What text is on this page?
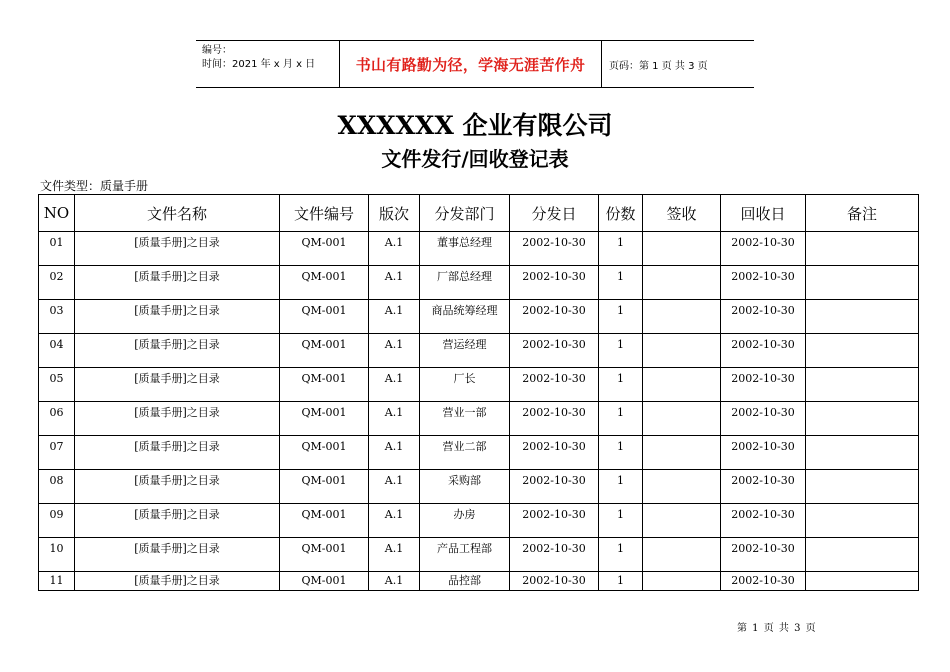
编号：
时间：2021 年 x 月 x 日	书山有路勤为径，学海无涯苦作舟	页码：第 1 页 共 3 页
XXXXXX 企业有限公司
文件发行/回收登记表
文件类型：质量手册
NO	文件名称	文件编号	版次	分发部门	分发日	份数	签收	回收日	备注
01	[质量手册]之目录	QM-001	A.1	董事总经理	2002-10-30	1		2002-10-30	
02	[质量手册]之目录	QM-001	A.1	厂部总经理	2002-10-30	1		2002-10-30	
03	[质量手册]之目录	QM-001	A.1	商品统筹经理	2002-10-30	1		2002-10-30	
04	[质量手册]之目录	QM-001	A.1	营运经理	2002-10-30	1		2002-10-30	
05	[质量手册]之目录	QM-001	A.1	厂长	2002-10-30	1		2002-10-30	
06	[质量手册]之目录	QM-001	A.1	营业一部	2002-10-30	1		2002-10-30	
07	[质量手册]之目录	QM-001	A.1	营业二部	2002-10-30	1		2002-10-30	
08	[质量手册]之目录	QM-001	A.1	采购部	2002-10-30	1		2002-10-30	
09	[质量手册]之目录	QM-001	A.1	办房	2002-10-30	1		2002-10-30	
10	[质量手册]之目录	QM-001	A.1	产品工程部	2002-10-30	1		2002-10-30	
11	[质量手册]之目录	QM-001	A.1	品控部	2002-10-30	1		2002-10-30	
第 1 页 共 3 页
